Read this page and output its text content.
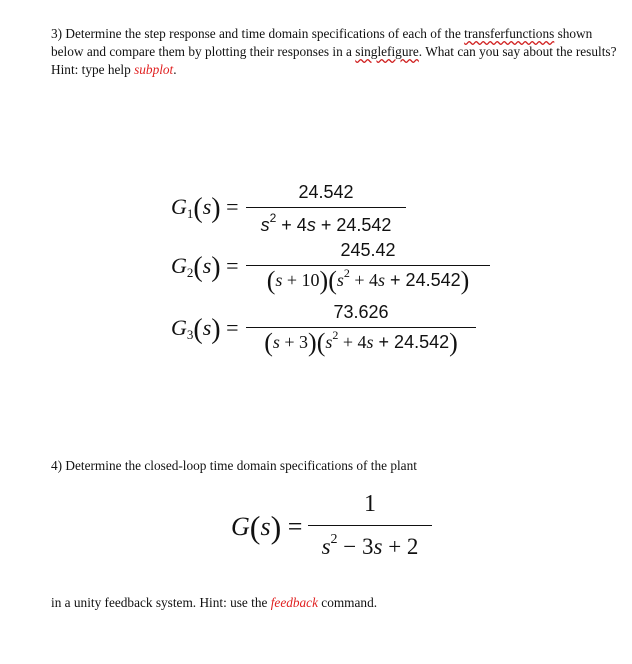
3) Determine the step response and time domain specifications of each of the transferfunctions shown below and compare them by plotting their responses in a singlefigure. What can you say about the results? Hint: type help subplot.
$G_1(s)$ =
24.542
$s^2 + 4s + 24.542$
$G_2(s)$ =
245.42
$(s + 10)(s^2 + 4s + 24.542)$
$G_3(s)$ =
73.626
$(s + 3)(s^2 + 4s + 24.542)$
4) Determine the closed-loop time domain specifications of the plant
G(s) =
1
$s^2 - 3s + 2$
in a unity feedback system. Hint: use the feedback command.
